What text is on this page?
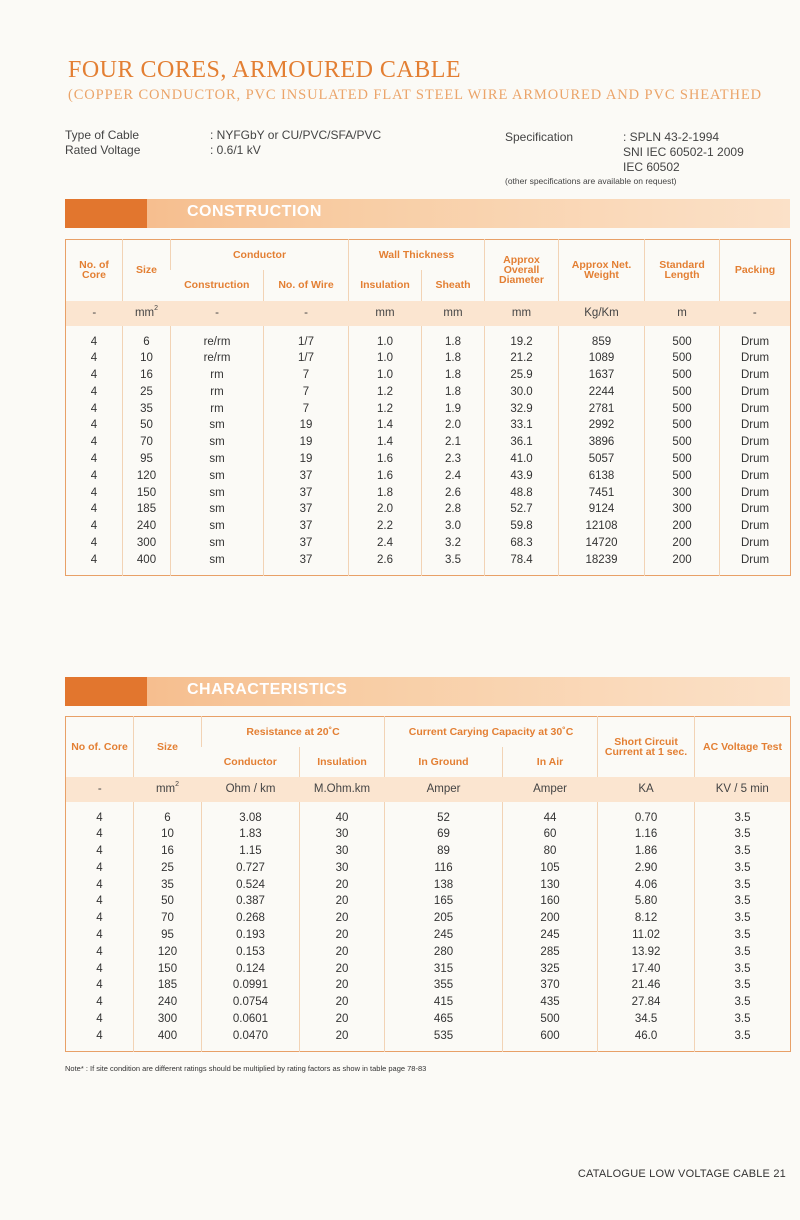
FOUR CORES, ARMOURED CABLE
(COPPER CONDUCTOR, PVC INSULATED FLAT STEEL WIRE ARMOURED AND PVC SHEATHED
Type of Cable	: NYFGbY or CU/PVC/SFA/PVC
Rated Voltage	: 0.6/1 kV
Specification	: SPLN 43-2-1994
SNI IEC 60502-1 2009
IEC 60502
(other specifications are available on request)
CONSTRUCTION
No. of Core	Size	Conductor		Wall Thickness		Approx Overall Diameter	Approx Net. Weight	Standard Length	Packing
		Construction	No. of Wire	Insulation	Sheath				
-	$mm^2$	-	-	mm	mm	mm	Kg/Km	m	-
4	6	re/rm	1/7	1.0	1.8	19.2	859	500	Drum
4	10	re/rm	1/7	1.0	1.8	21.2	1089	500	Drum
4	16	rm	7	1.0	1.8	25.9	1637	500	Drum
4	25	rm	7	1.2	1.8	30.0	2244	500	Drum
4	35	rm	7	1.2	1.9	32.9	2781	500	Drum
4	50	sm	19	1.4	2.0	33.1	2992	500	Drum
4	70	sm	19	1.4	2.1	36.1	3896	500	Drum
4	95	sm	19	1.6	2.3	41.0	5057	500	Drum
4	120	sm	37	1.6	2.4	43.9	6138	500	Drum
4	150	sm	37	1.8	2.6	48.8	7451	300	Drum
4	185	sm	37	2.0	2.8	52.7	9124	300	Drum
4	240	sm	37	2.2	3.0	59.8	12108	200	Drum
4	300	sm	37	2.4	3.2	68.3	14720	200	Drum
4	400	sm	37	2.6	3.5	78.4	18239	200	Drum
CHARACTERISTICS
No of. Core	Size	Resistance at 20˚C		Current Carying Capacity at 30˚C		Short Circuit Current at 1 sec.	AC Voltage Test
		Conductor	Insulation	In Ground	In Air		
-	$mm^2$	Ohm / km	M.Ohm.km	Amper	Amper	KA	KV / 5 min
4	6	3.08	40	52	44	0.70	3.5
4	10	1.83	30	69	60	1.16	3.5
4	16	1.15	30	89	80	1.86	3.5
4	25	0.727	30	116	105	2.90	3.5
4	35	0.524	20	138	130	4.06	3.5
4	50	0.387	20	165	160	5.80	3.5
4	70	0.268	20	205	200	8.12	3.5
4	95	0.193	20	245	245	11.02	3.5
4	120	0.153	20	280	285	13.92	3.5
4	150	0.124	20	315	325	17.40	3.5
4	185	0.0991	20	355	370	21.46	3.5
4	240	0.0754	20	415	435	27.84	3.5
4	300	0.0601	20	465	500	34.5	3.5
4	400	0.0470	20	535	600	46.0	3.5
Note* : If site condition are different ratings should be multiplied by rating factors as show in table page 78-83
CATALOGUE LOW VOLTAGE CABLE 21
